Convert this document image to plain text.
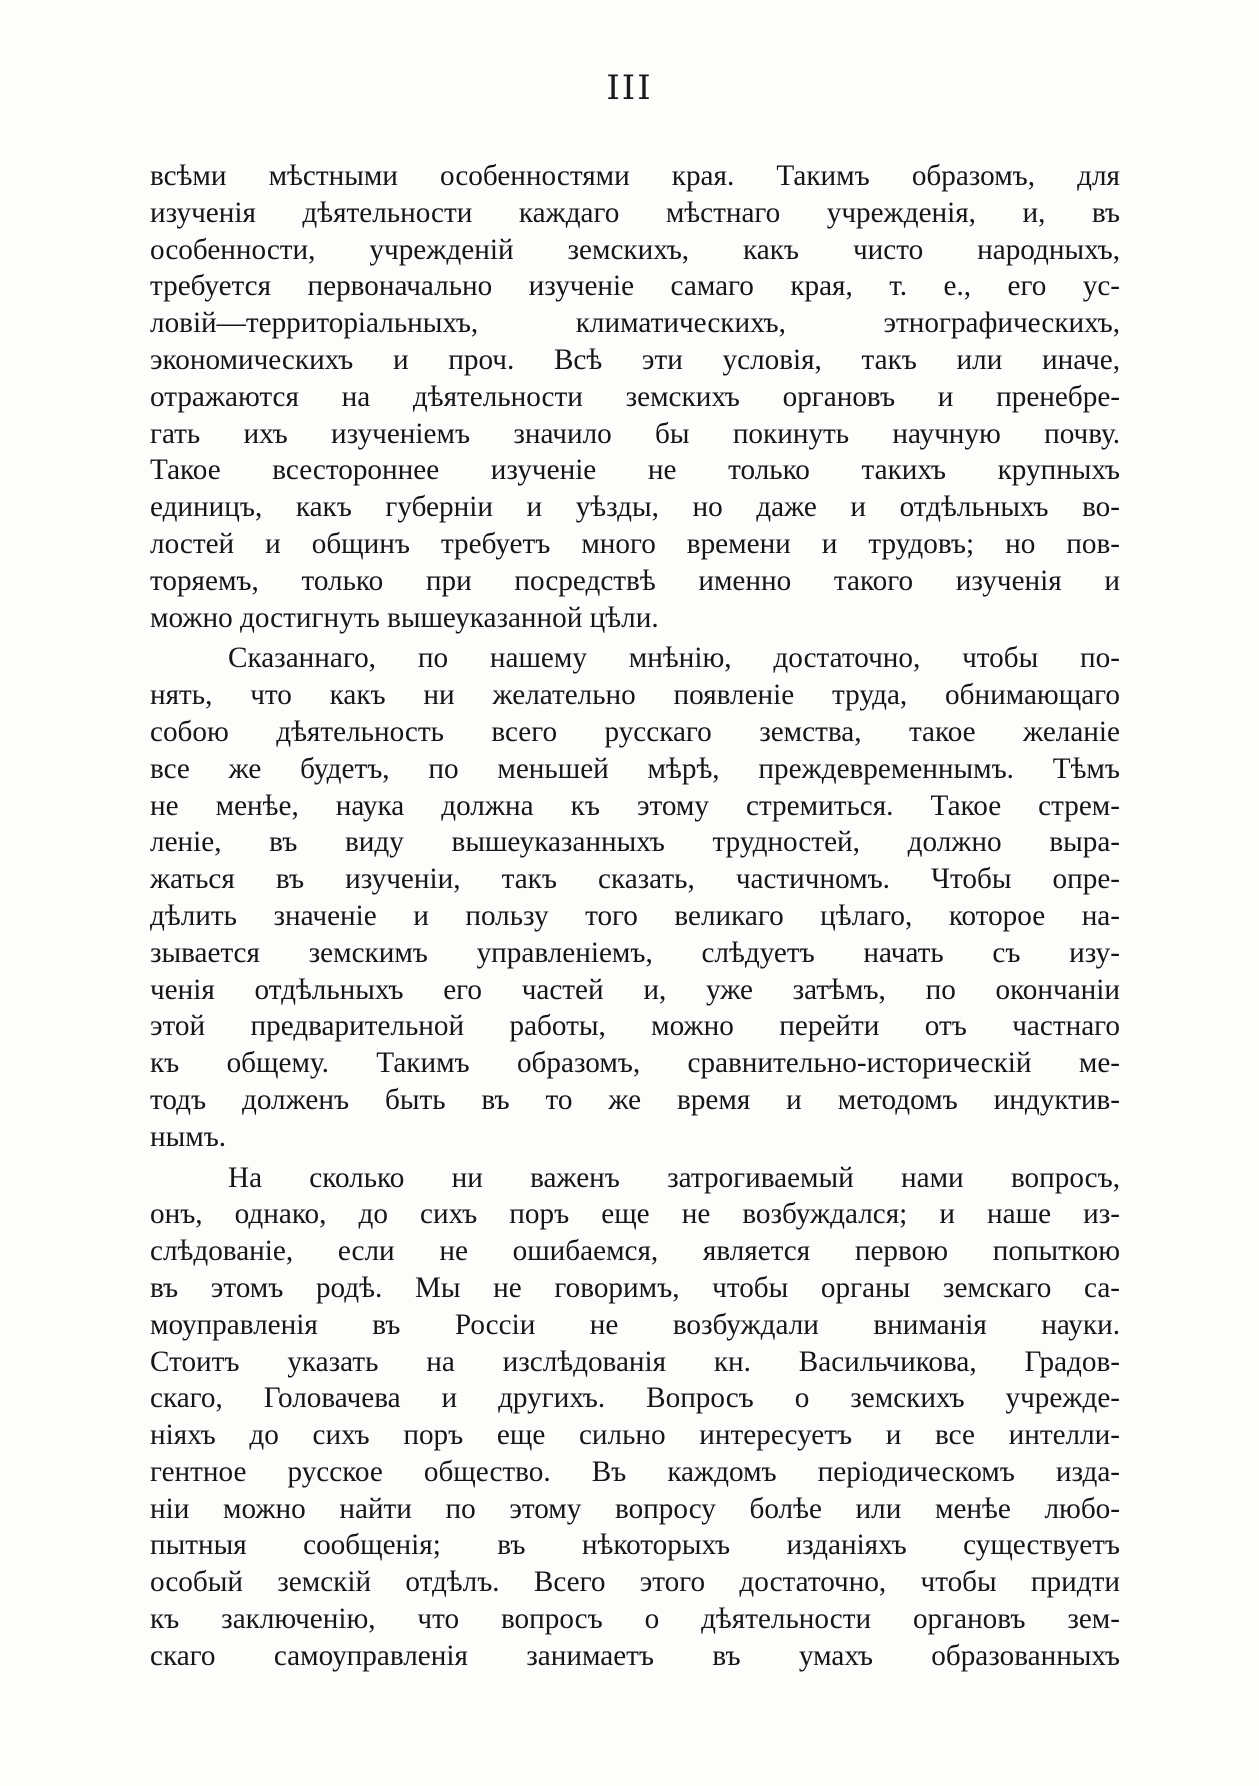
III
всѣми мѣстными особенностями края. Такимъ образомъ, для
изученія дѣятельности каждаго мѣстнаго учрежденія, и, въ
особенности, учрежденій земскихъ, какъ чисто народныхъ,
требуется первоначально изученіе самаго края, т. е., его ус-
ловій—территоріальныхъ, климатическихъ, этнографическихъ,
экономическихъ и проч. Всѣ эти условія, такъ или иначе,
отражаются на дѣятельности земскихъ органовъ и пренебре-
гать ихъ изученіемъ значило бы покинуть научную почву.
Такое всестороннее изученіе не только такихъ крупныхъ
единицъ, какъ губерніи и уѣзды, но даже и отдѣльныхъ во-
лостей и общинъ требуетъ много времени и трудовъ; но пов-
торяемъ, только при посредствѣ именно такого изученія и
можно достигнуть вышеуказанной цѣли.
Сказаннаго, по нашему мнѣнію, достаточно, чтобы по-
нять, что какъ ни желательно появленіе труда, обнимающаго
собою дѣятельность всего русскаго земства, такое желаніе
все же будетъ, по меньшей мѣрѣ, преждевременнымъ. Тѣмъ
не менѣе, наука должна къ этому стремиться. Такое стрем-
леніе, въ виду вышеуказанныхъ трудностей, должно выра-
жаться въ изученіи, такъ сказать, частичномъ. Чтобы опре-
дѣлить значеніе и пользу того великаго цѣлаго, которое на-
зывается земскимъ управленіемъ, слѣдуетъ начать съ изу-
ченія отдѣльныхъ его частей и, уже затѣмъ, по окончаніи
этой предварительной работы, можно перейти отъ частнаго
къ общему. Такимъ образомъ, сравнительно-историческій ме-
тодъ долженъ быть въ то же время и методомъ индуктив-
нымъ.
На сколько ни важенъ затрогиваемый нами вопросъ,
онъ, однако, до сихъ поръ еще не возбуждался; и наше из-
слѣдованіе, если не ошибаемся, является первою попыткою
въ этомъ родѣ. Мы не говоримъ, чтобы органы земскаго са-
моуправленія въ Россіи не возбуждали вниманія науки.
Стоитъ указать на изслѣдованія кн. Васильчикова, Градов-
скаго, Головачева и другихъ. Вопросъ о земскихъ учрежде-
ніяхъ до сихъ поръ еще сильно интересуетъ и все интелли-
гентное русское общество. Въ каждомъ періодическомъ изда-
ніи можно найти по этому вопросу болѣе или менѣе любо-
пытныя сообщенія; въ нѣкоторыхъ изданіяхъ существуетъ
особый земскій отдѣлъ. Всего этого достаточно, чтобы придти
къ заключенію, что вопросъ о дѣятельности органовъ зем-
скаго самоуправленія занимаетъ въ умахъ образованныхъ
